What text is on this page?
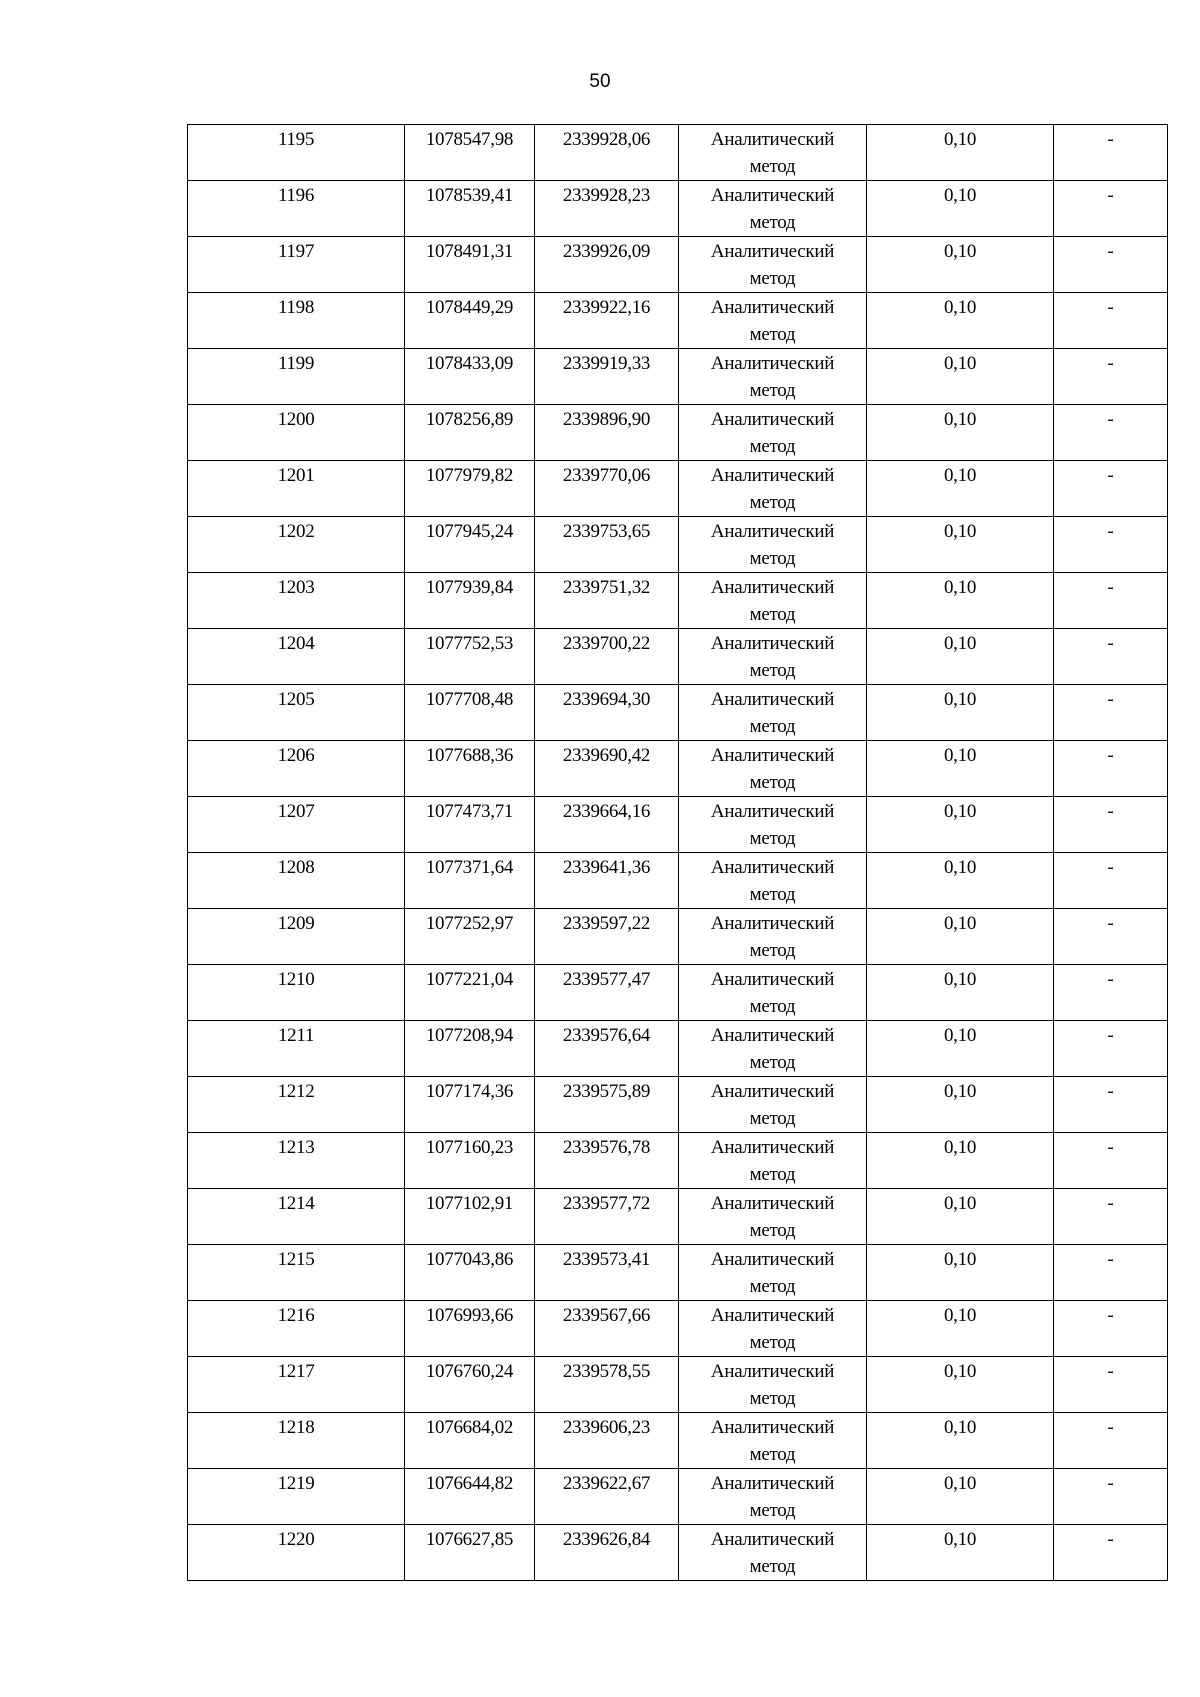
50
1195	1078547,98	2339928,06	Аналитический
метод	0,10	-

1196	1078539,41	2339928,23	Аналитический
метод	0,10	-

1197	1078491,31	2339926,09	Аналитический
метод	0,10	-

1198	1078449,29	2339922,16	Аналитический
метод	0,10	-

1199	1078433,09	2339919,33	Аналитический
метод	0,10	-

1200	1078256,89	2339896,90	Аналитический
метод	0,10	-

1201	1077979,82	2339770,06	Аналитический
метод	0,10	-

1202	1077945,24	2339753,65	Аналитический
метод	0,10	-

1203	1077939,84	2339751,32	Аналитический
метод	0,10	-

1204	1077752,53	2339700,22	Аналитический
метод	0,10	-

1205	1077708,48	2339694,30	Аналитический
метод	0,10	-

1206	1077688,36	2339690,42	Аналитический
метод	0,10	-

1207	1077473,71	2339664,16	Аналитический
метод	0,10	-

1208	1077371,64	2339641,36	Аналитический
метод	0,10	-

1209	1077252,97	2339597,22	Аналитический
метод	0,10	-

1210	1077221,04	2339577,47	Аналитический
метод	0,10	-

1211	1077208,94	2339576,64	Аналитический
метод	0,10	-

1212	1077174,36	2339575,89	Аналитический
метод	0,10	-

1213	1077160,23	2339576,78	Аналитический
метод	0,10	-

1214	1077102,91	2339577,72	Аналитический
метод	0,10	-

1215	1077043,86	2339573,41	Аналитический
метод	0,10	-

1216	1076993,66	2339567,66	Аналитический
метод	0,10	-

1217	1076760,24	2339578,55	Аналитический
метод	0,10	-

1218	1076684,02	2339606,23	Аналитический
метод	0,10	-

1219	1076644,82	2339622,67	Аналитический
метод	0,10	-

1220	1076627,85	2339626,84	Аналитический
метод	0,10	-
